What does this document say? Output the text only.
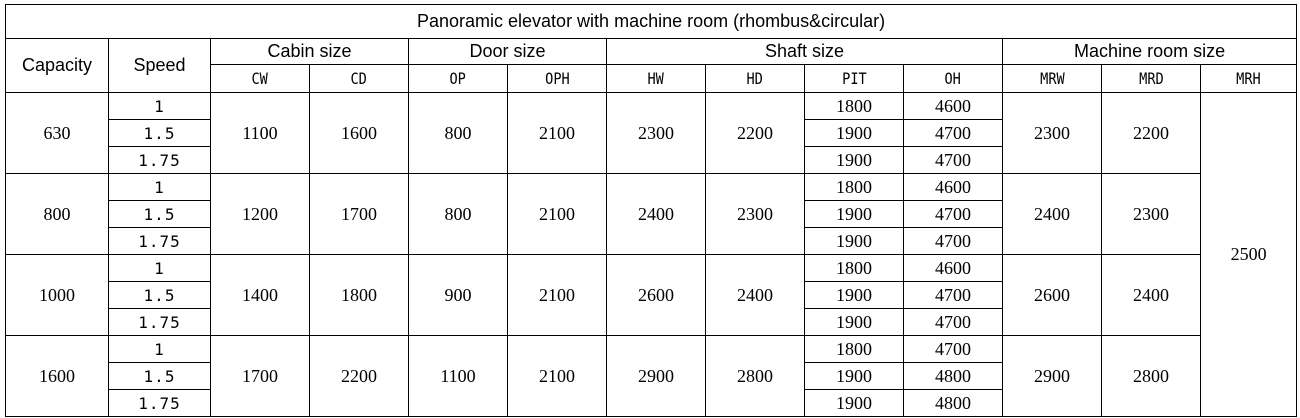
Panoramic elevator with machine room (rhombus&circular)												
Capacity	Speed	Cabin size		Door size		Shaft size				Machine room size		
		CW	CD	OP	OPH	HW	HD	PIT	OH	MRW	MRD	MRH
630	1	1100	1600	800	2100	2300	2200	1800	4600	2300	2200	2500
	1.5							1900	4700			
	1.75							1900	4700			
800	1	1200	1700	800	2100	2400	2300	1800	4600	2400	2300	
	1.5							1900	4700			
	1.75							1900	4700			
1000	1	1400	1800	900	2100	2600	2400	1800	4600	2600	2400	
	1.5							1900	4700			
	1.75							1900	4700			
1600	1	1700	2200	1100	2100	2900	2800	1800	4700	2900	2800	
	1.5							1900	4800			
	1.75							1900	4800			
